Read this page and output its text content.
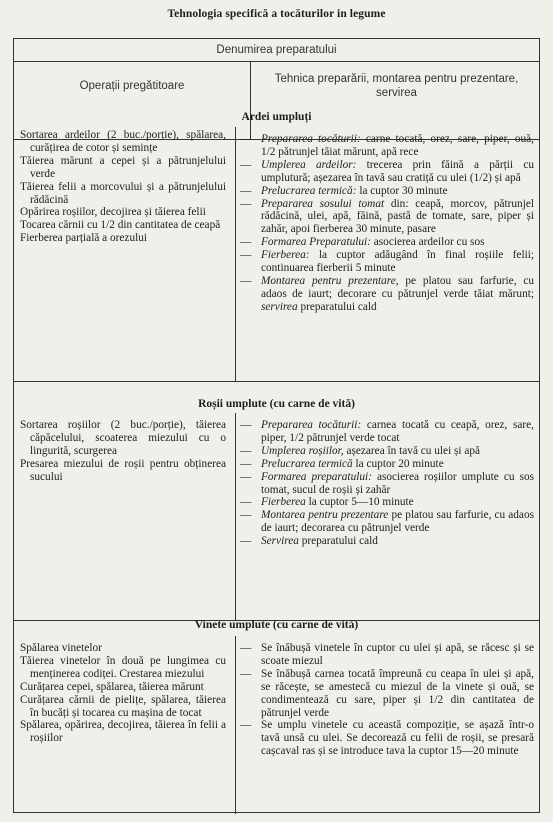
Tehnologia specifică a tocăturilor in legume
Denumirea preparatului
Operații pregătitoare
Tehnica preparării, montarea pentru prezentare, servirea
Ardei umpluți

Sortarea ardeilor (2 buc./porție), spălarea, curățirea de cotor și semințe

Tăierea mărunt a cepei și a pătrunjelului verde

Tăierea felii a morcovului și a pătrunjelului rădăcină

Opărirea roșiilor, decojirea și tăierea felii

Tocarea cărnii cu 1/2 din cantitatea de ceapă

Fierberea parțială a orezului

— Prepararea tocăturii: carne tocată, orez, sare, piper, ouă, 1/2 pătrunjel tăiat mărunt, apă rece

— Umplerea ardeilor: trecerea prin făină a părții cu umplutură; așezarea în tavă sau cratiță cu ulei (1/2) și apă

— Prelucrarea termică: la cuptor 30 minute

— Prepararea sosului tomat din: ceapă, morcov, pătrunjel rădăcină, ulei, apă, făină, pastă de tomate, sare, piper și zahăr, apoi fierberea 30 minute, pasare

— Formarea Preparatului: asocierea ardeilor cu sos

— Fierberea: la cuptor adăugând în final roșiile felii; continuarea fierberii 5 minute

— Montarea pentru prezentare, pe platou sau farfurie, cu adaos de iaurt; decorare cu pătrunjel verde tăiat mărunt; servirea preparatului cald

Roșii umplute (cu carne de vită)

Sortarea roșiilor (2 buc./porție), tăierea căpăcelului, scoaterea miezului cu o lingurită, scurgerea

Presarea miezului de roșii pentru obținerea sucului

— Prepararea tocăturii: carnea tocată cu ceapă, orez, sare, piper, 1/2 pătrunjel verde tocat

— Umplerea roșiilor, așezarea în tavă cu ulei și apă

— Prelucrarea termică la cuptor 20 minute

— Formarea preparatului: asocierea roșiilor umplute cu sos tomat, sucul de roșii și zahăr

— Fierberea la cuptor 5—10 minute

— Montarea pentru prezentare pe platou sau farfurie, cu adaos de iaurt; decorarea cu pătrunjel verde

— Servirea preparatului cald

Vinete umplute (cu carne de vită)

Spălarea vinetelor

Tăierea vinetelor în două pe lungimea cu menținerea codiței. Crestarea miezului

Curățarea cepei, spălarea, tăierea mărunt

Curățarea cărnii de pielițe, spălarea, tăierea în bucăți și tocarea cu mașina de tocat

Spălarea, opărirea, decojirea, tăierea în felii a roșiilor

— Se înăbușă vinetele în cuptor cu ulei și apă, se răcesc și se scoate miezul

— Se înăbușă carnea tocată împreună cu ceapa în ulei și apă, se răcește, se amestecă cu miezul de la vinete și ouă, se condimentează cu sare, piper și 1/2 din cantitatea de pătrunjel verde

— Se umplu vinetele cu această compoziție, se așază într-o tavă unsă cu ulei. Se decorează cu felii de roșii, se presară cașcaval ras și se introduce tava la cuptor 15—20 minute
